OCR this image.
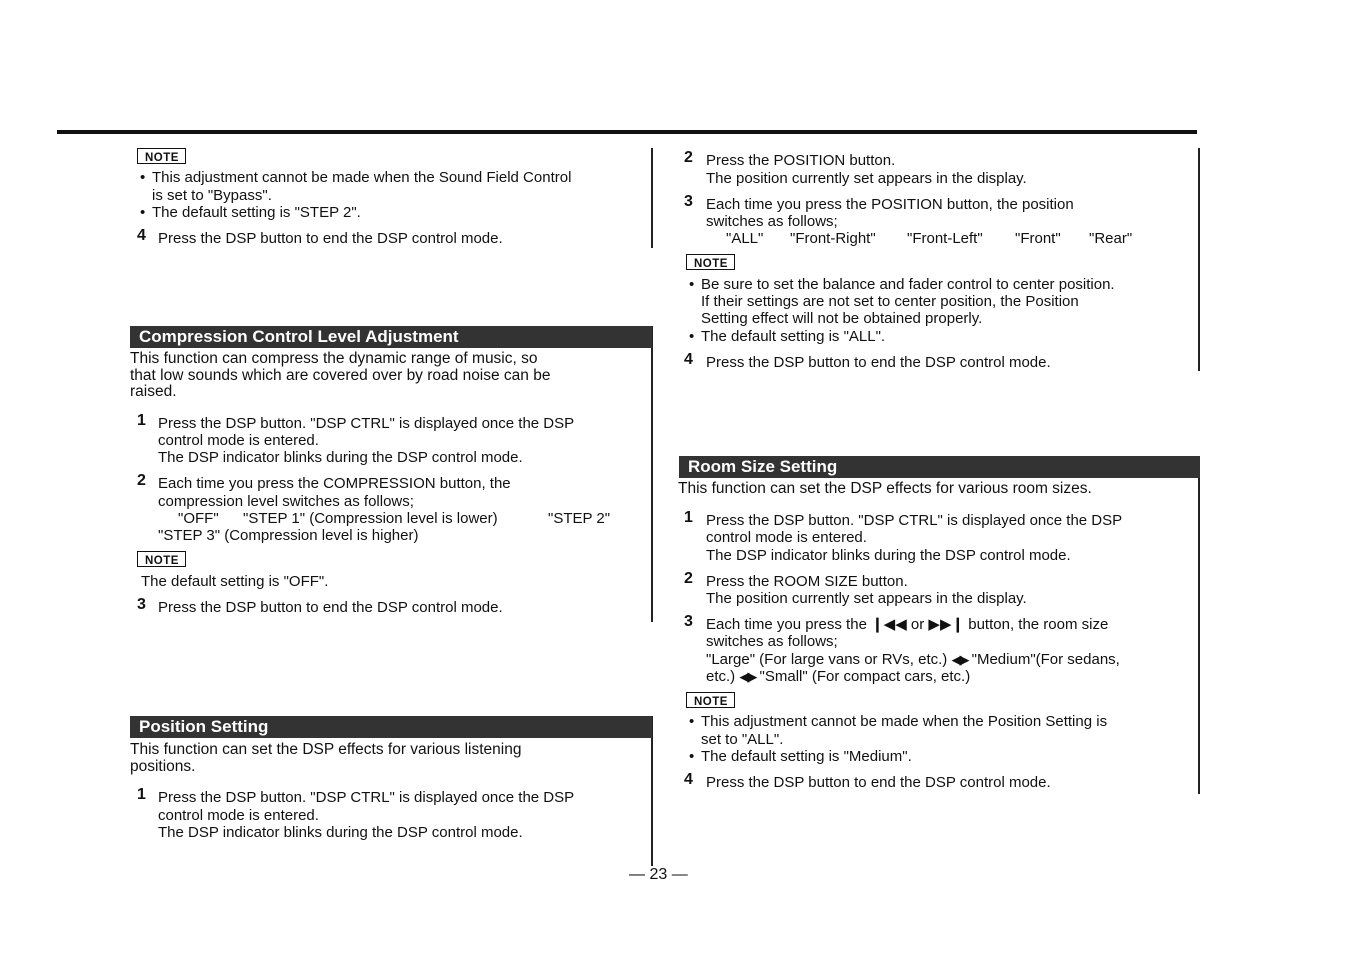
NOTE
• This adjustment cannot be made when the Sound Field Control
is set to "Bypass".
• The default setting is "STEP 2".
4 Press the DSP button to end the DSP control mode.
Compression Control Level Adjustment
This function can compress the dynamic range of music, so
that low sounds which are covered over by road noise can be
raised.
1 Press the DSP button. "DSP CTRL" is displayed once the DSP
control mode is entered.
The DSP indicator blinks during the DSP control mode.
2 Each time you press the COMPRESSION button, the
compression level switches as follows;
"OFF" "STEP 1" (Compression level is lower)	"STEP 2"
"STEP 3" (Compression level is higher)
NOTE
The default setting is "OFF".
3 Press the DSP button to end the DSP control mode.
Position Setting
This function can set the DSP effects for various listening
positions.
1 Press the DSP button. "DSP CTRL" is displayed once the DSP
control mode is entered.
The DSP indicator blinks during the DSP control mode.
2 Press the POSITION button.
The position currently set appears in the display.
3 Each time you press the POSITION button, the position
switches as follows;
"ALL" "Front-Right" "Front-Left" "Front" "Rear"
NOTE
• Be sure to set the balance and fader control to center position.
If their settings are not set to center position, the Position
Setting effect will not be obtained properly.
• The default setting is "ALL".
4 Press the DSP button to end the DSP control mode.
Room Size Setting
This function can set the DSP effects for various room sizes.
1 Press the DSP button. "DSP CTRL" is displayed once the DSP
control mode is entered.
The DSP indicator blinks during the DSP control mode.
2 Press the ROOM SIZE button.
The position currently set appears in the display.
3 Each time you press the ❙◀◀ or ▶▶❙ button, the room size
switches as follows;
"Large" (For large vans or RVs, etc.) ◀▶ "Medium"(For sedans,
etc.) ◀▶ "Small" (For compact cars, etc.)
NOTE
• This adjustment cannot be made when the Position Setting is
set to "ALL".
• The default setting is "Medium".
4 Press the DSP button to end the DSP control mode.
— 23 —
